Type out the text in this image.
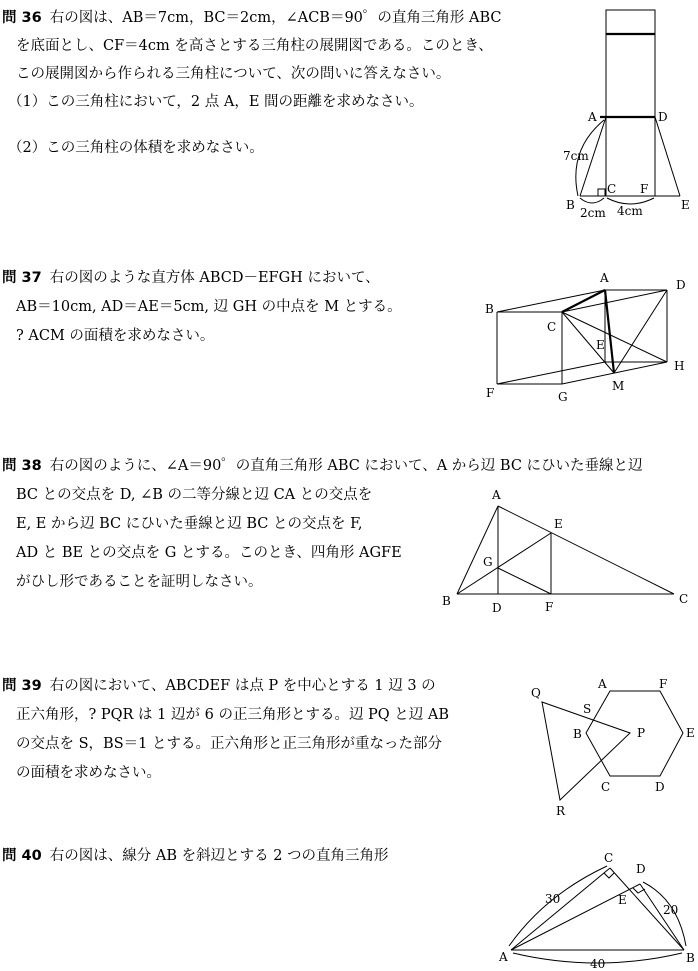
問 36 右の図は、AB＝7cm，BC＝2cm，∠ACB＝90゜の直角三角形 ABC
を底面とし、CF＝4cm を高さとする三角柱の展開図である。このとき、
この展開図から作られる三角柱について、次の問いに答えなさい。
（1）この三角柱において，2 点 A，E 間の距離を求めなさい。
（2）この三角柱の体積を求めなさい。
A	D
B
C F
E
7cm
2cm 4cm
問 37 右の図のような直方体 ABCD－EFGH において、
AB＝10cm, AD＝AE＝5cm, 辺 GH の中点を M とする。
? ACM の面積を求めなさい。
A
B
C
D
E
F	G
H
M
問 38 右の図のように、∠A＝90゜の直角三角形 ABC において、A から辺 BC にひいた垂線と辺
BC との交点を D, ∠B の二等分線と辺 CA との交点を
E, E から辺 BC にひいた垂線と辺 BC との交点を F,
AD と BE との交点を G とする。このとき、四角形 AGFE
がひし形であることを証明しなさい。
A
B	C
D
E
F
G
問 39 右の図において、ABCDEF は点 P を中心とする 1 辺 3 の
正六角形，? PQR は 1 辺が 6 の正三角形とする。辺 PQ と辺 AB
の交点を S，BS＝1 とする。正六角形と正三角形が重なった部分
の面積を求めなさい。
Q
A	F
S
B	P	E
C	D
R
問 40 右の図は、線分 AB を斜辺とする 2 つの直角三角形	C
D
E
A	B
30
20
40
